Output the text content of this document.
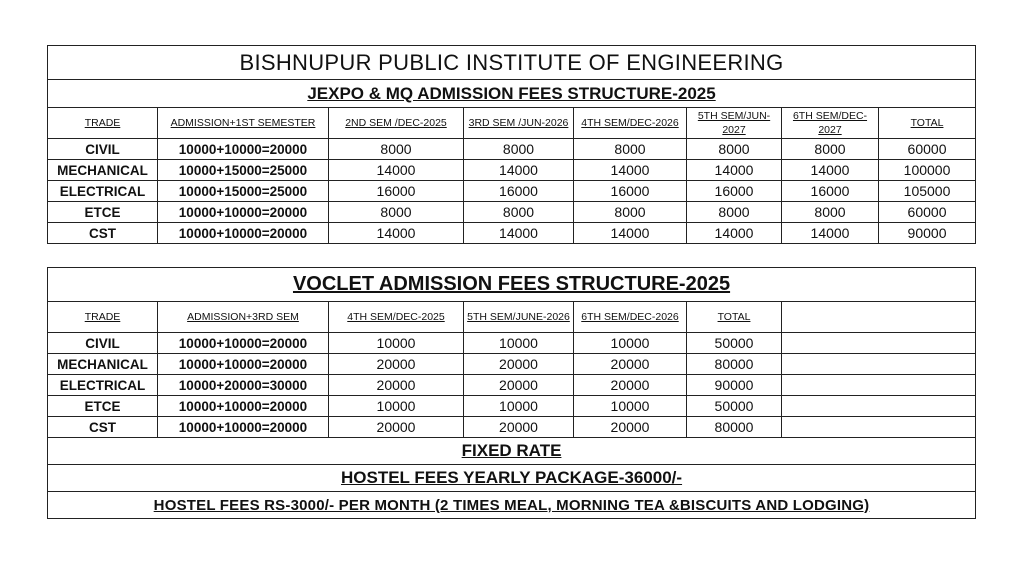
BISHNUPUR PUBLIC INSTITUTE OF ENGINEERING							
JEXPO & MQ ADMISSION FEES STRUCTURE-2025							
TRADE	ADMISSION+1ST SEMESTER	2ND SEM /DEC-2025	3RD SEM /JUN-2026	4TH SEM/DEC-2026	5TH SEM/JUN-2027	6TH SEM/DEC-2027	TOTAL
CIVIL	10000+10000=20000	8000	8000	8000	8000	8000	60000
MECHANICAL	10000+15000=25000	14000	14000	14000	14000	14000	100000
ELECTRICAL	10000+15000=25000	16000	16000	16000	16000	16000	105000
ETCE	10000+10000=20000	8000	8000	8000	8000	8000	60000
CST	10000+10000=20000	14000	14000	14000	14000	14000	90000
VOCLET ADMISSION FEES STRUCTURE-2025						
TRADE	ADMISSION+3RD SEM	4TH SEM/DEC-2025	5TH SEM/JUNE-2026	6TH SEM/DEC-2026	TOTAL	
CIVIL	10000+10000=20000	10000	10000	10000	50000	
MECHANICAL	10000+10000=20000	20000	20000	20000	80000	
ELECTRICAL	10000+20000=30000	20000	20000	20000	90000	
ETCE	10000+10000=20000	10000	10000	10000	50000	
CST	10000+10000=20000	20000	20000	20000	80000	
FIXED RATE						
HOSTEL FEES YEARLY PACKAGE-36000/-						
HOSTEL FEES RS-3000/- PER MONTH (2 TIMES MEAL, MORNING TEA &BISCUITS AND LODGING)						
